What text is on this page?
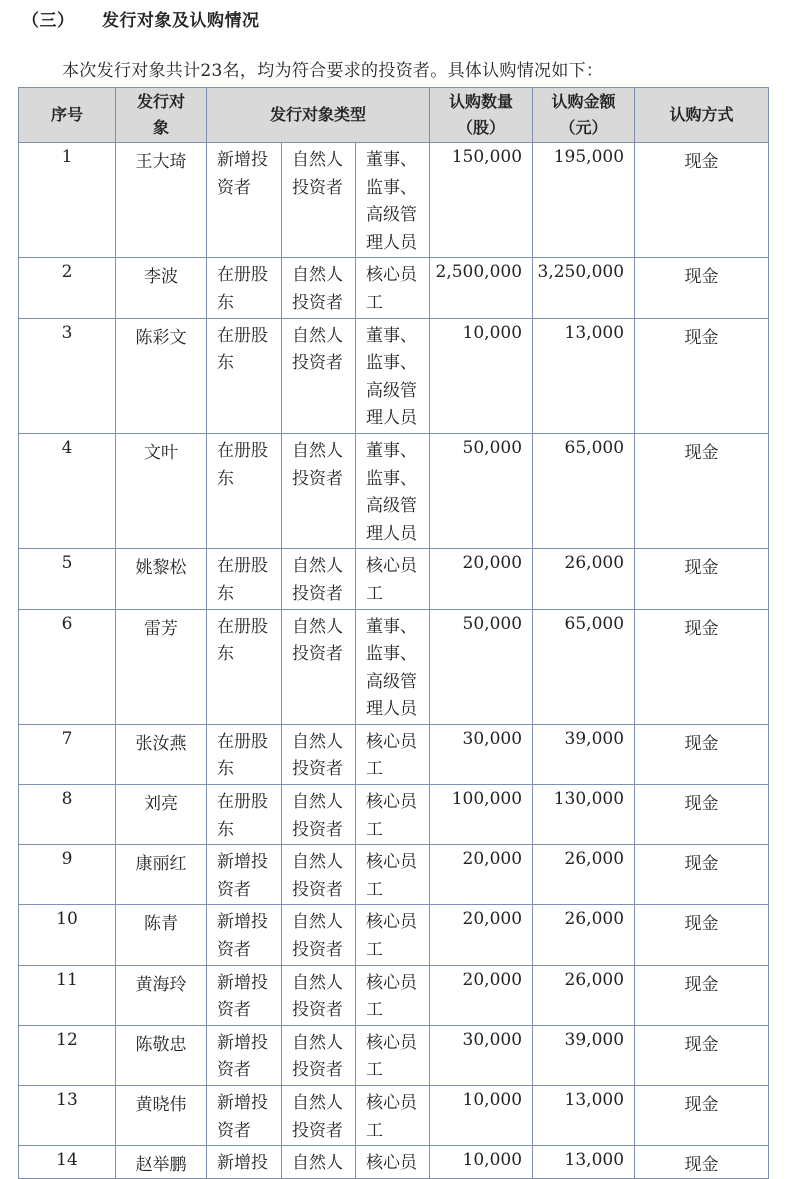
（三） 发行对象及认购情况
本次发行对象共计23名，均为符合要求的投资者。具体认购情况如下：
序号	发行对象	发行对象类型			认购数量（股）	认购金额（元）	认购方式
1	王大琦	新增投资者	自然人投资者	董事、监事、高级管理人员	150,000	195,000	现金
2	李波	在册股东	自然人投资者	核心员工	2,500,000	3,250,000	现金
3	陈彩文	在册股东	自然人投资者	董事、监事、高级管理人员	10,000	13,000	现金
4	文叶	在册股东	自然人投资者	董事、监事、高级管理人员	50,000	65,000	现金
5	姚黎松	在册股东	自然人投资者	核心员工	20,000	26,000	现金
6	雷芳	在册股东	自然人投资者	董事、监事、高级管理人员	50,000	65,000	现金
7	张汝燕	在册股东	自然人投资者	核心员工	30,000	39,000	现金
8	刘亮	在册股东	自然人投资者	核心员工	100,000	130,000	现金
9	康丽红	新增投资者	自然人投资者	核心员工	20,000	26,000	现金
10	陈青	新增投资者	自然人投资者	核心员工	20,000	26,000	现金
11	黄海玲	新增投资者	自然人投资者	核心员工	20,000	26,000	现金
12	陈敬忠	新增投资者	自然人投资者	核心员工	30,000	39,000	现金
13	黄晓伟	新增投资者	自然人投资者	核心员工	10,000	13,000	现金
14	赵举鹏	新增投	自然人	核心员	10,000	13,000	现金
